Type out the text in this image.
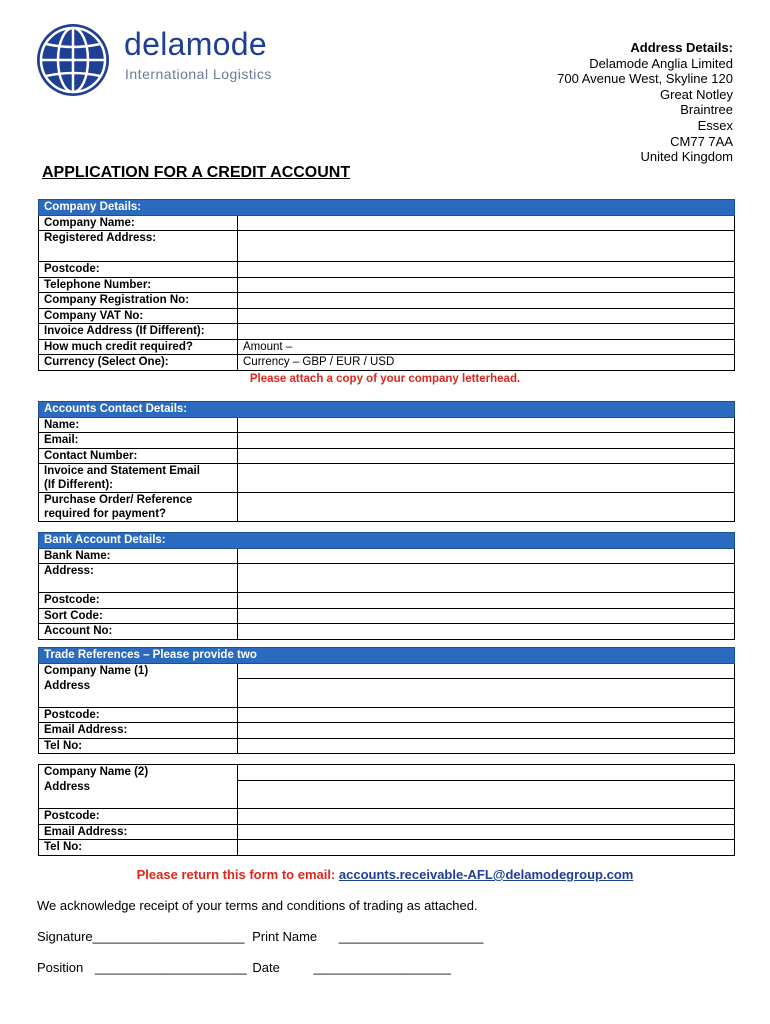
delamode
International Logistics
Address Details:
Delamode Anglia Limited
700 Avenue West, Skyline 120
Great Notley
Braintree
Essex
CM77 7AA
United Kingdom
APPLICATION FOR A CREDIT ACCOUNT
Company Details:	
Company Name:	
Registered Address:	
Postcode:	
Telephone Number:	
Company Registration No:	
Company VAT No:	
Invoice Address (If Different):	
How much credit required?	Amount –
Currency (Select One):	Currency – GBP / EUR / USD
Please attach a copy of your company letterhead.
Accounts Contact Details:	
Name:	
Email:	
Contact Number:	
Invoice and Statement Email
(If Different):	
Purchase Order/ Reference
required for payment?	
Bank Account Details:	
Bank Name:	
Address:	
Postcode:	
Sort Code:	
Account No:	
Trade References – Please provide two	
Company Name (1)	
Address	
Postcode:	
Email Address:	
Tel No:	
Company Name (2)	
Address	
Postcode:	
Email Address:	
Tel No:	
Please return this form to email: accounts.receivable-AFL@delamodegroup.com
We acknowledge receipt of your terms and conditions of trading as attached.
Signature_____________________ Print Name ____________________
Position _____________________ Date	___________________
